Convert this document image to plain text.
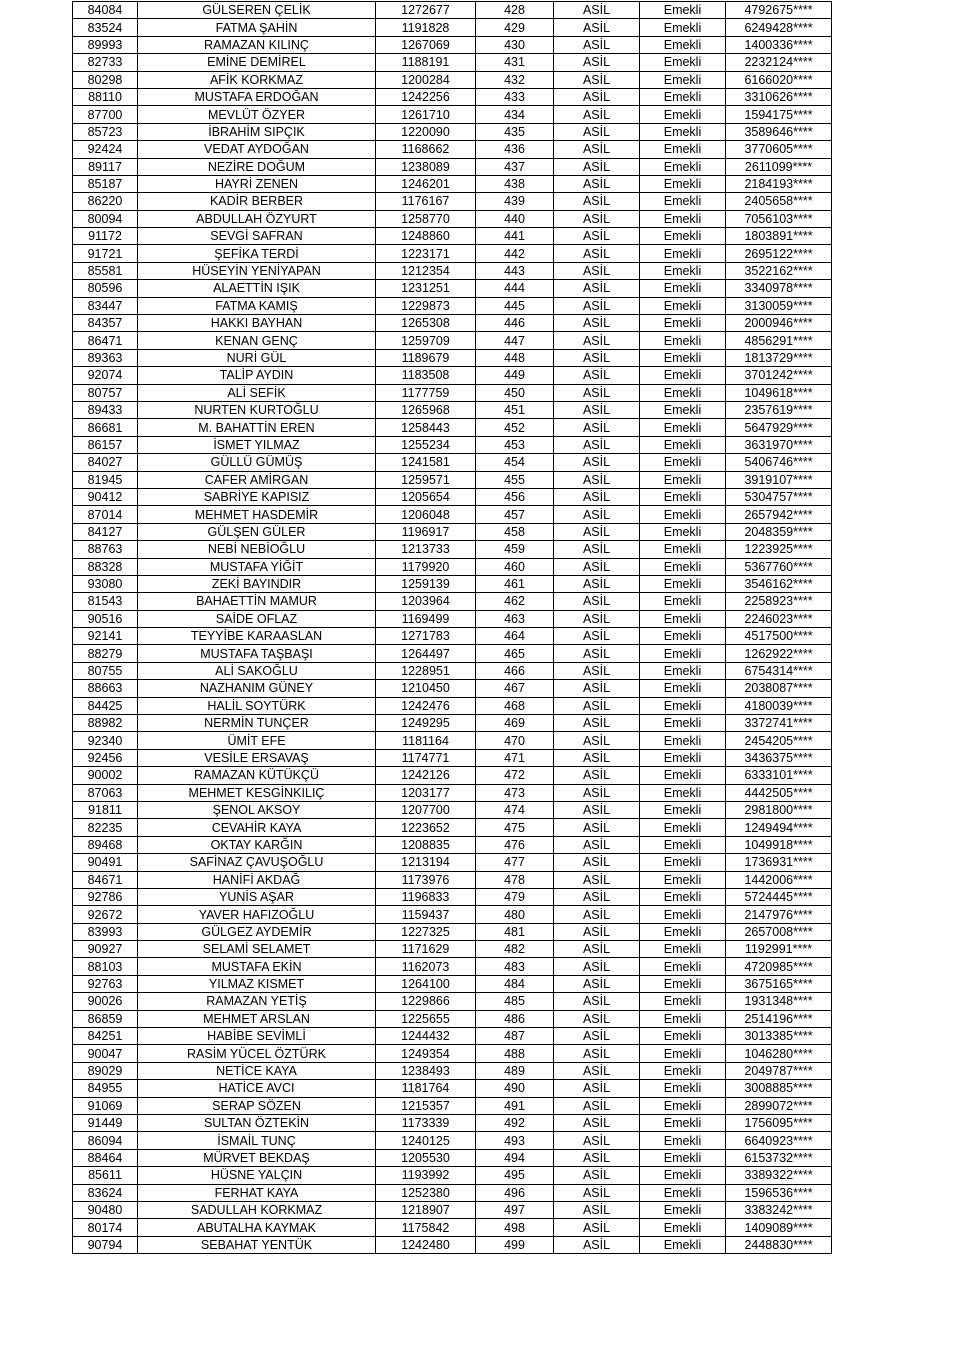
84084	GÜLSEREN ÇELİK	1272677	428	ASİL	Emekli	4792675****
83524	FATMA ŞAHİN	1191828	429	ASİL	Emekli	6249428****
89993	RAMAZAN KILINÇ	1267069	430	ASİL	Emekli	1400336****
82733	EMİNE DEMİREL	1188191	431	ASİL	Emekli	2232124****
80298	AFİK KORKMAZ	1200284	432	ASİL	Emekli	6166020****
88110	MUSTAFA ERDOĞAN	1242256	433	ASİL	Emekli	3310626****
87700	MEVLÜT ÖZYER	1261710	434	ASİL	Emekli	1594175****
85723	İBRAHİM SIPÇIK	1220090	435	ASİL	Emekli	3589646****
92424	VEDAT AYDOĞAN	1168662	436	ASİL	Emekli	3770605****
89117	NEZİRE DOĞUM	1238089	437	ASİL	Emekli	2611099****
85187	HAYRİ ZENEN	1246201	438	ASİL	Emekli	2184193****
86220	KADİR BERBER	1176167	439	ASİL	Emekli	2405658****
80094	ABDULLAH ÖZYURT	1258770	440	ASİL	Emekli	7056103****
91172	SEVGİ SAFRAN	1248860	441	ASİL	Emekli	1803891****
91721	ŞEFİKA TERDİ	1223171	442	ASİL	Emekli	2695122****
85581	HÜSEYİN YENİYAPAN	1212354	443	ASİL	Emekli	3522162****
80596	ALAETTİN IŞIK	1231251	444	ASİL	Emekli	3340978****
83447	FATMA KAMIŞ	1229873	445	ASİL	Emekli	3130059****
84357	HAKKI BAYHAN	1265308	446	ASİL	Emekli	2000946****
86471	KENAN GENÇ	1259709	447	ASİL	Emekli	4856291****
89363	NURİ GÜL	1189679	448	ASİL	Emekli	1813729****
92074	TALİP AYDIN	1183508	449	ASİL	Emekli	3701242****
80757	ALİ SEFİK	1177759	450	ASİL	Emekli	1049618****
89433	NURTEN KURTOĞLU	1265968	451	ASİL	Emekli	2357619****
86681	M. BAHATTİN EREN	1258443	452	ASİL	Emekli	5647929****
86157	İSMET YILMAZ	1255234	453	ASİL	Emekli	3631970****
84027	GÜLLÜ GÜMÜŞ	1241581	454	ASİL	Emekli	5406746****
81945	CAFER AMİRGAN	1259571	455	ASİL	Emekli	3919107****
90412	SABRİYE KAPISIZ	1205654	456	ASİL	Emekli	5304757****
87014	MEHMET HASDEMİR	1206048	457	ASİL	Emekli	2657942****
84127	GÜLŞEN GÜLER	1196917	458	ASİL	Emekli	2048359****
88763	NEBİ NEBİOĞLU	1213733	459	ASİL	Emekli	1223925****
88328	MUSTAFA YİĞİT	1179920	460	ASİL	Emekli	5367760****
93080	ZEKİ BAYINDIR	1259139	461	ASİL	Emekli	3546162****
81543	BAHAETTİN MAMUR	1203964	462	ASİL	Emekli	2258923****
90516	SAİDE OFLAZ	1169499	463	ASİL	Emekli	2246023****
92141	TEYYİBE KARAASLAN	1271783	464	ASİL	Emekli	4517500****
88279	MUSTAFA TAŞBAŞI	1264497	465	ASİL	Emekli	1262922****
80755	ALİ SAKOĞLU	1228951	466	ASİL	Emekli	6754314****
88663	NAZHANIM GÜNEY	1210450	467	ASİL	Emekli	2038087****
84425	HALİL SOYTÜRK	1242476	468	ASİL	Emekli	4180039****
88982	NERMİN TUNÇER	1249295	469	ASİL	Emekli	3372741****
92340	ÜMİT EFE	1181164	470	ASİL	Emekli	2454205****
92456	VESİLE ERSAVAŞ	1174771	471	ASİL	Emekli	3436375****
90002	RAMAZAN KÜTÜKÇÜ	1242126	472	ASİL	Emekli	6333101****
87063	MEHMET KESGİNKILIÇ	1203177	473	ASİL	Emekli	4442505****
91811	ŞENOL AKSOY	1207700	474	ASİL	Emekli	2981800****
82235	CEVAHİR KAYA	1223652	475	ASİL	Emekli	1249494****
89468	OKTAY KARĞIN	1208835	476	ASİL	Emekli	1049918****
90491	SAFİNAZ ÇAVUŞOĞLU	1213194	477	ASİL	Emekli	1736931****
84671	HANİFİ AKDAĞ	1173976	478	ASİL	Emekli	1442006****
92786	YUNİS AŞAR	1196833	479	ASİL	Emekli	5724445****
92672	YAVER HAFIZOĞLU	1159437	480	ASİL	Emekli	2147976****
83993	GÜLGEZ AYDEMİR	1227325	481	ASİL	Emekli	2657008****
90927	SELAMİ SELAMET	1171629	482	ASİL	Emekli	1192991****
88103	MUSTAFA EKİN	1162073	483	ASİL	Emekli	4720985****
92763	YILMAZ KISMET	1264100	484	ASİL	Emekli	3675165****
90026	RAMAZAN YETİŞ	1229866	485	ASİL	Emekli	1931348****
86859	MEHMET ARSLAN	1225655	486	ASİL	Emekli	2514196****
84251	HABİBE SEVİMLİ	1244432	487	ASİL	Emekli	3013385****
90047	RASİM YÜCEL ÖZTÜRK	1249354	488	ASİL	Emekli	1046280****
89029	NETİCE KAYA	1238493	489	ASİL	Emekli	2049787****
84955	HATİCE AVCI	1181764	490	ASİL	Emekli	3008885****
91069	SERAP SÖZEN	1215357	491	ASİL	Emekli	2899072****
91449	SULTAN ÖZTEKİN	1173339	492	ASİL	Emekli	1756095****
86094	İSMAİL TUNÇ	1240125	493	ASİL	Emekli	6640923****
88464	MÜRVET BEKDAŞ	1205530	494	ASİL	Emekli	6153732****
85611	HÜSNE YALÇIN	1193992	495	ASİL	Emekli	3389322****
83624	FERHAT KAYA	1252380	496	ASİL	Emekli	1596536****
90480	SADULLAH KORKMAZ	1218907	497	ASİL	Emekli	3383242****
80174	ABUTALHA KAYMAK	1175842	498	ASİL	Emekli	1409089****
90794	SEBAHAT YENTÜK	1242480	499	ASİL	Emekli	2448830****
